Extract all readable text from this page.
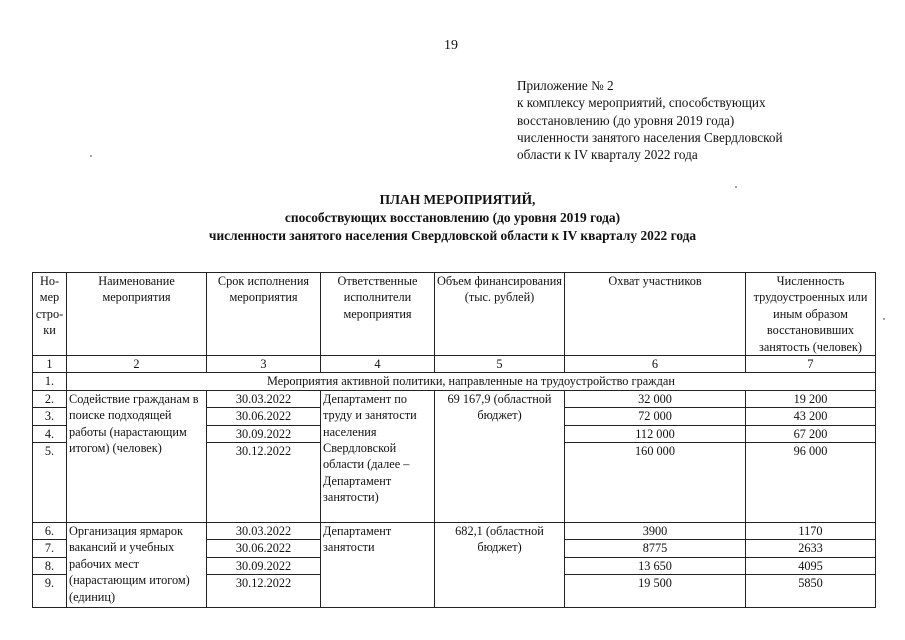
19
Приложение № 2
к комплексу мероприятий, способствующих
восстановлению (до уровня 2019 года)
численности занятого населения Свердловской
области к IV кварталу 2022 года
ПЛАН МЕРОПРИЯТИЙ,
способствующих восстановлению (до уровня 2019 года)
численности занятого населения Свердловской области к IV кварталу 2022 года
Но-мер стро-ки	Наименование мероприятия	Срок исполнения мероприятия	Ответственные исполнители мероприятия	Объем финансирования (тыс. рублей)	Охват участников	Численность трудоустроенных или иным образом восстановивших занятость (человек)
1	2	3	4	5	6	7
1.	Мероприятия активной политики, направленные на трудоустройство граждан					
2.	Содействие гражданам в поиске подходящей работы (нарастающим итогом) (человек)	30.03.2022	Департамент по труду и занятости населения Свердловской области (далее – Департамент занятости)	69 167,9 (областной бюджет)	32 000	19 200
3.		30.06.2022			72 000	43 200
4.		30.09.2022			112 000	67 200
5.		30.12.2022			160 000	96 000
6.	Организация ярмарок вакансий и учебных рабочих мест (нарастающим итогом) (единиц)	30.03.2022	Департамент занятости	682,1 (областной бюджет)	3900	1170
7.		30.06.2022			8775	2633
8.		30.09.2022			13 650	4095
9.		30.12.2022			19 500	5850
